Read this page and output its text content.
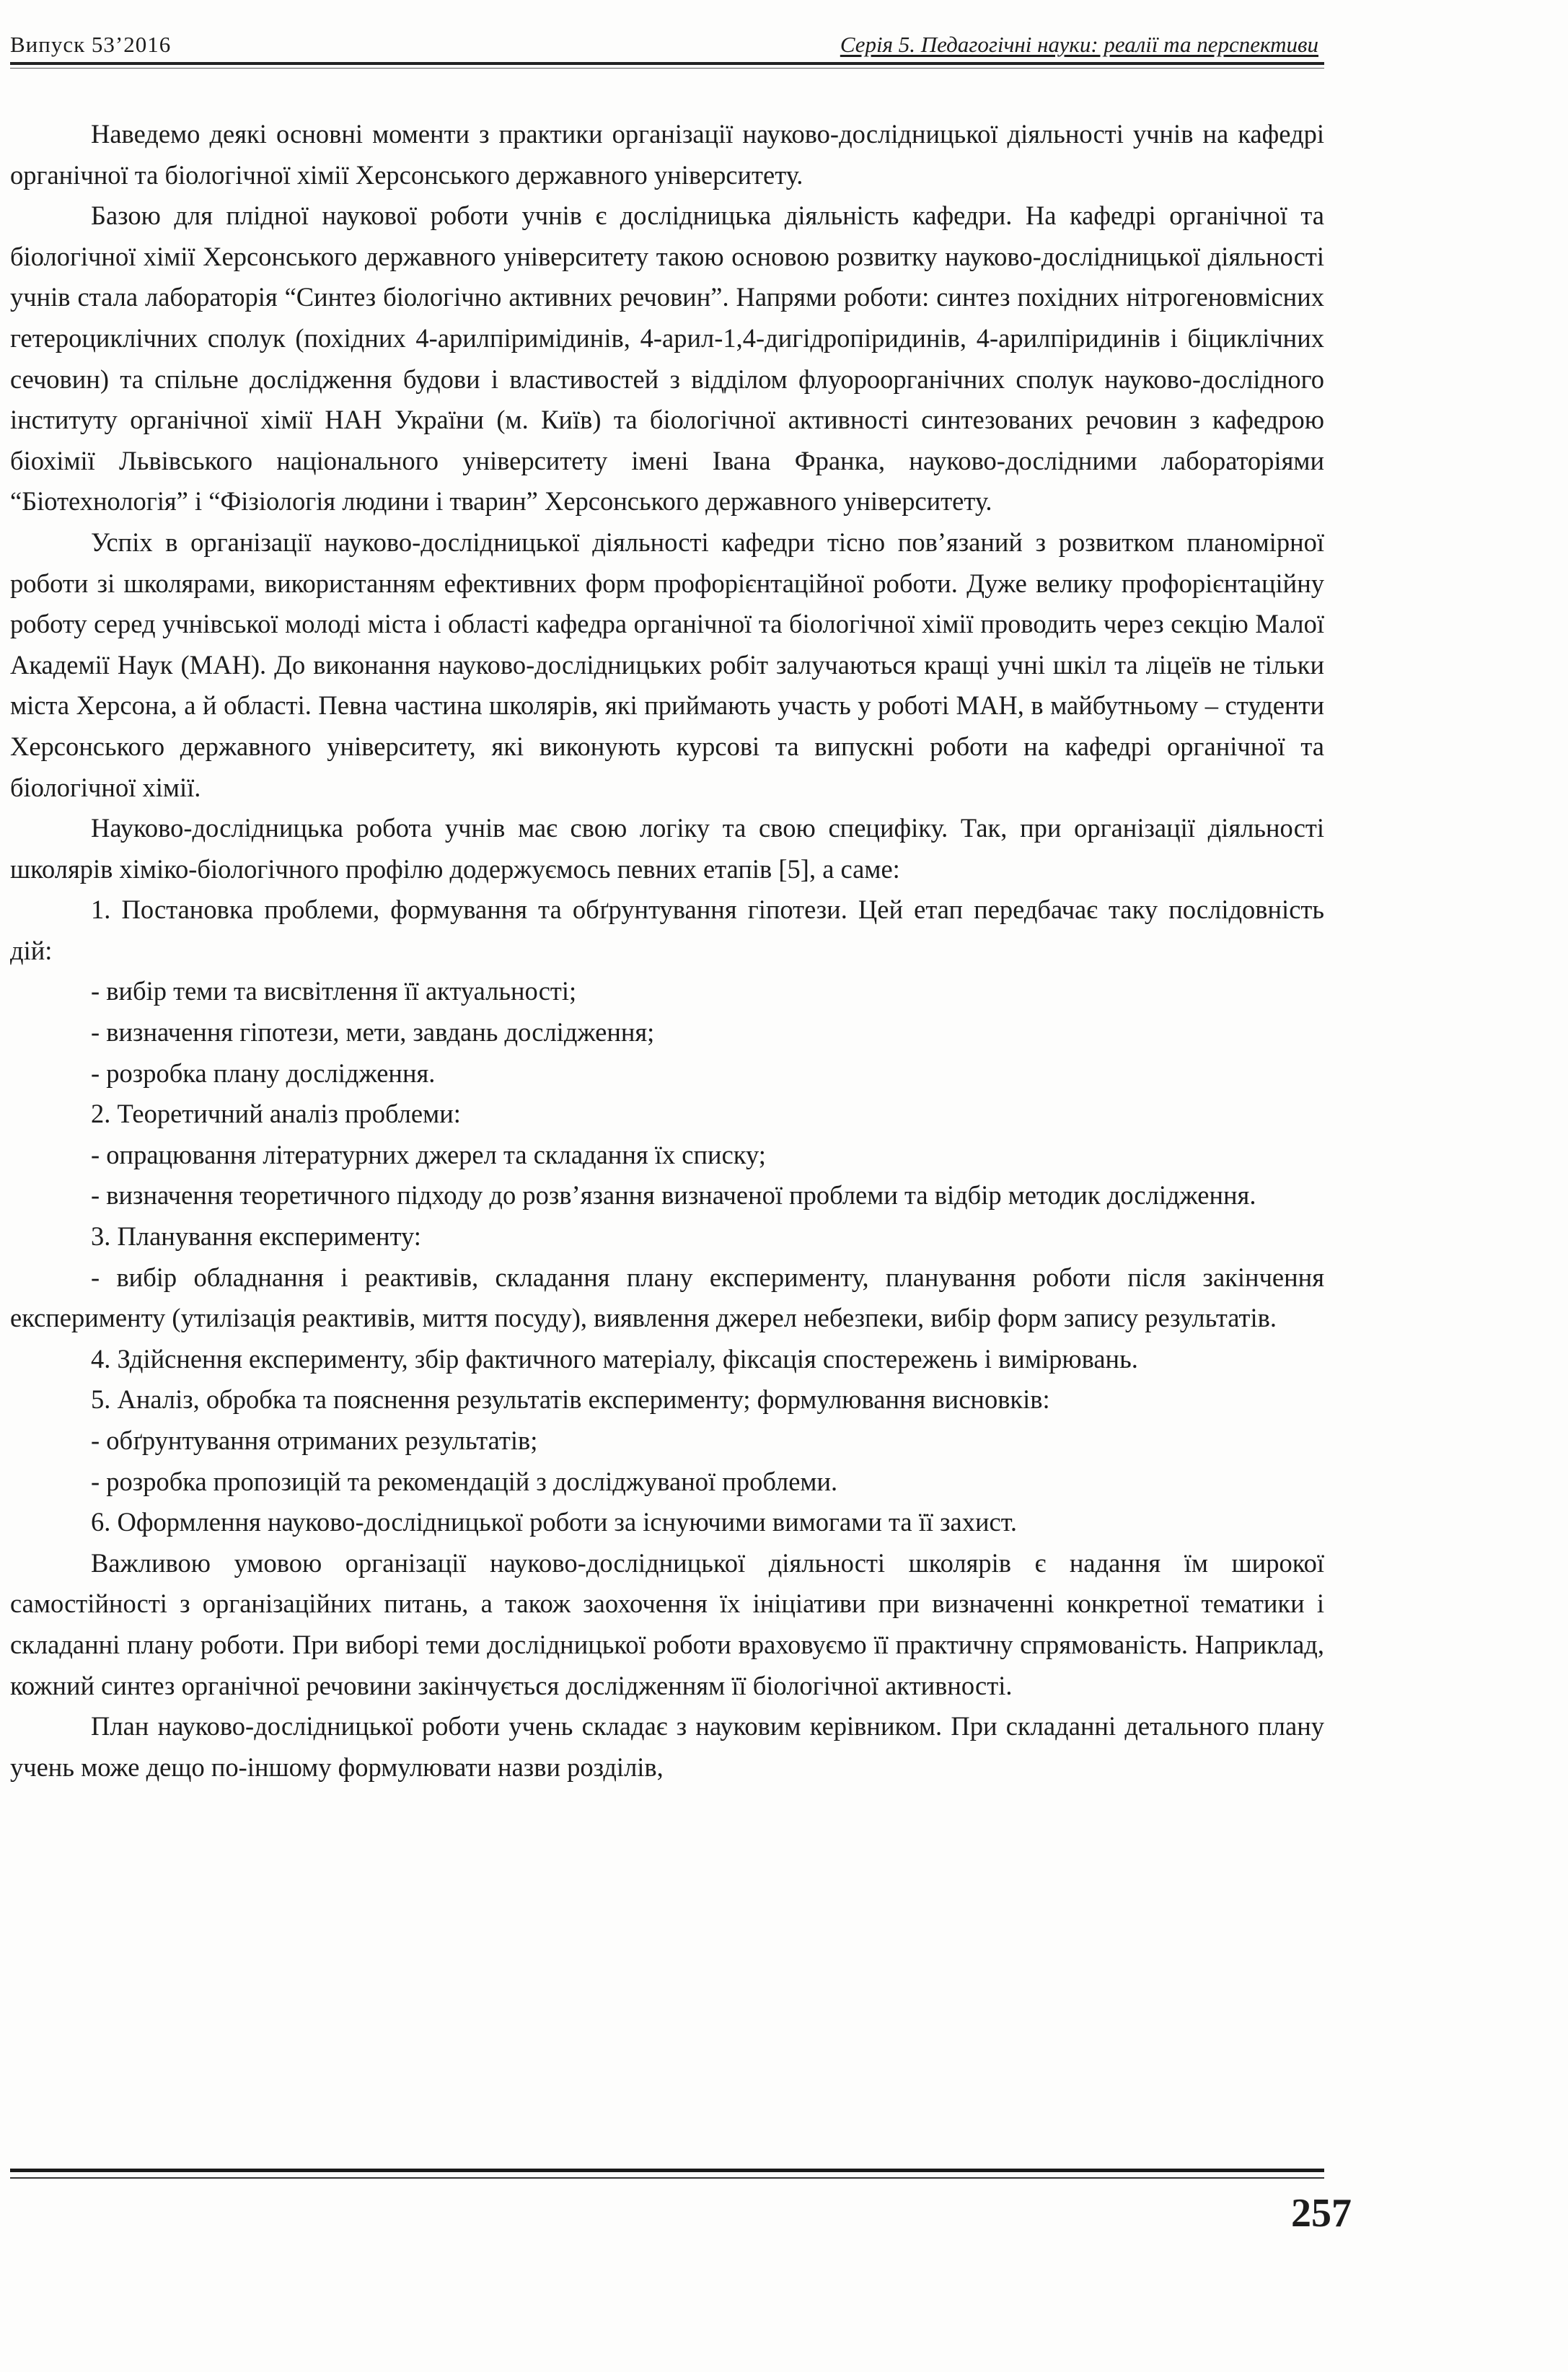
Випуск 53’2016	Серія 5. Педагогічні науки: реалії та перспективи

Наведемо деякі основні моменти з практики організації науково-дослідницької діяльності учнів на кафедрі органічної та біологічної хімії Херсонського державного університету.

Базою для плідної наукової роботи учнів є дослідницька діяльність кафедри. На кафедрі органічної та біологічної хімії Херсонського державного університету такою основою розвитку науково-дослідницької діяльності учнів стала лабораторія “Синтез біологічно активних речовин”. Напрями роботи: синтез похідних нітрогеновмісних гетероциклічних сполук (похідних 4-арилпіримідинів, 4-арил-1,4-дигідропіридинів, 4-арилпіридинів і біциклічних сечовин) та спільне дослідження будови і властивостей з відділом флуороорганічних сполук науково-дослідного інституту органічної хімії НАН України (м. Київ) та біологічної активності синтезованих речовин з кафедрою біохімії Львівського національного університету імені Івана Франка, науково-дослідними лабораторіями “Біотехнологія” і “Фізіологія людини і тварин” Херсонського державного університету.

Успіх в організації науково-дослідницької діяльності кафедри тісно пов’язаний з розвитком планомірної роботи зі школярами, використанням ефективних форм профорієнтаційної роботи. Дуже велику профорієнтаційну роботу серед учнівської молоді міста і області кафедра органічної та біологічної хімії проводить через секцію Малої Академії Наук (МАН). До виконання науково-дослідницьких робіт залучаються кращі учні шкіл та ліцеїв не тільки міста Херсона, а й області. Певна частина школярів, які приймають участь у роботі МАН, в майбутньому – студенти Херсонського державного університету, які виконують курсові та випускні роботи на кафедрі органічної та біологічної хімії.

Науково-дослідницька робота учнів має свою логіку та свою специфіку. Так, при організації діяльності школярів хіміко-біологічного профілю додержуємось певних етапів [5], а саме:

1. Постановка проблеми, формування та обґрунтування гіпотези. Цей етап передбачає таку послідовність дій:

- вибір теми та висвітлення її актуальності;

- визначення гіпотези, мети, завдань дослідження;

- розробка плану дослідження.

2. Теоретичний аналіз проблеми:

- опрацювання літературних джерел та складання їх списку;

- визначення теоретичного підходу до розв’язання визначеної проблеми та відбір методик дослідження.

3. Планування експерименту:

- вибір обладнання і реактивів, складання плану експерименту, планування роботи після закінчення експерименту (утилізація реактивів, миття посуду), виявлення джерел небезпеки, вибір форм запису результатів.

4. Здійснення експерименту, збір фактичного матеріалу, фіксація спостережень і вимірювань.

5. Аналіз, обробка та пояснення результатів експерименту; формулювання висновків:

- обґрунтування отриманих результатів;

- розробка пропозицій та рекомендацій з досліджуваної проблеми.

6. Оформлення науково-дослідницької роботи за існуючими вимогами та її захист.

Важливою умовою організації науково-дослідницької діяльності школярів є надання їм широкої самостійності з організаційних питань, а також заохочення їх ініціативи при визначенні конкретної тематики і складанні плану роботи. При виборі теми дослідницької роботи враховуємо її практичну спрямованість. Наприклад, кожний синтез органічної речовини закінчується дослідженням її біологічної активності.

План науково-дослідницької роботи учень складає з науковим керівником. При складанні детального плану учень може дещо по-іншому формулювати назви розділів,

257
